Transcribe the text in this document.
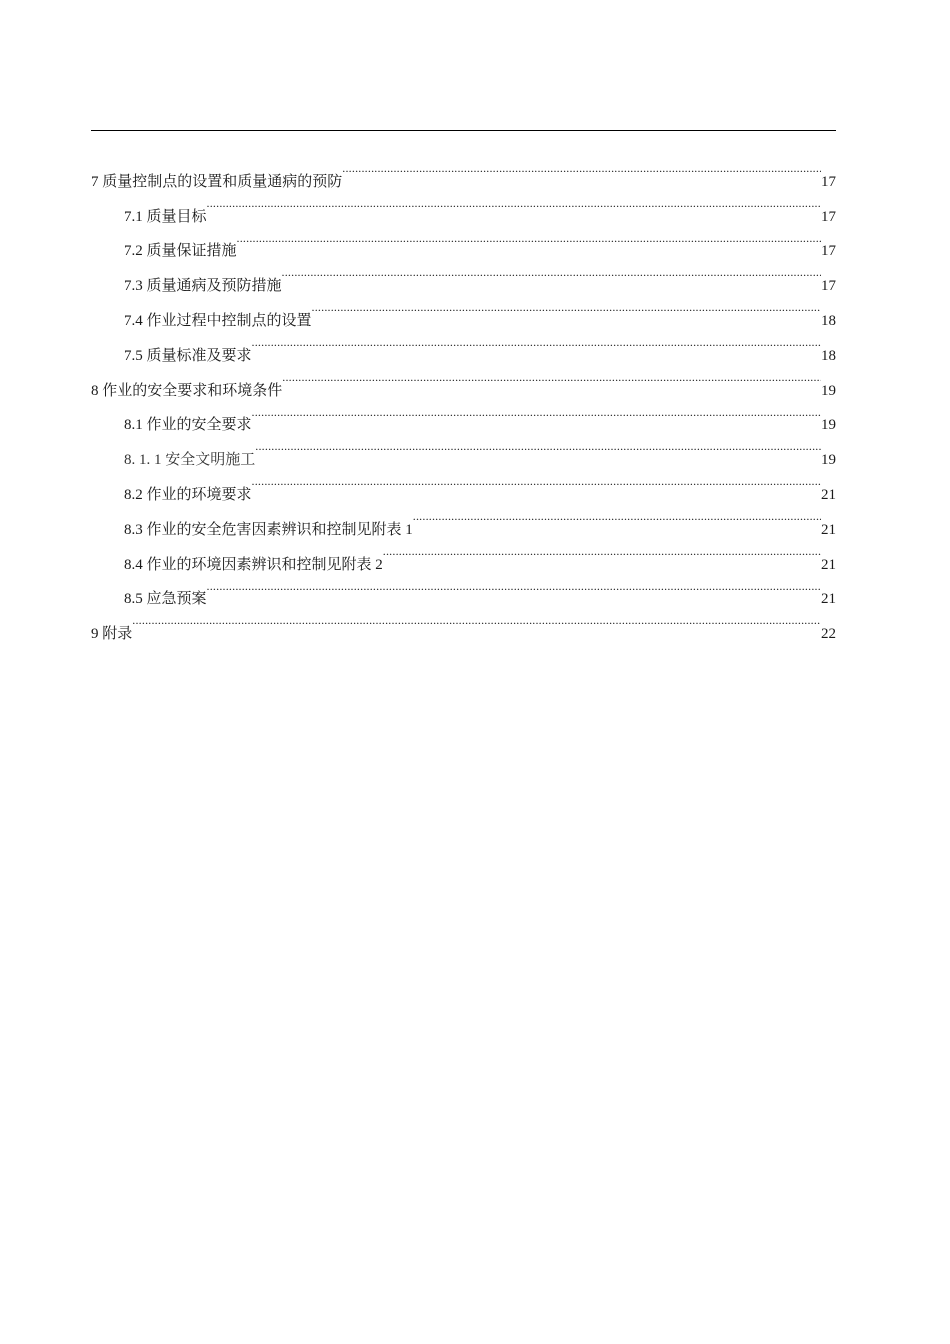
7 质量控制点的设置和质量通病的预防 .....	17
7.1 质量目标 .....	17
7.2 质量保证措施 .....	17
7.3 质量通病及预防措施 .....	17
7.4 作业过程中控制点的设置 .....	18
7.5 质量标准及要求 .....	18
8 作业的安全要求和环境条件 .....	19
8.1 作业的安全要求 .....	19
8. 1. 1 安全文明施工 .....	19
8.2 作业的环境要求 .....	21
8.3 作业的安全危害因素辨识和控制见附表 1 .....	21
8.4 作业的环境因素辨识和控制见附表 2 .....	21
8.5 应急预案 .....	21
9 附录 .....	22
